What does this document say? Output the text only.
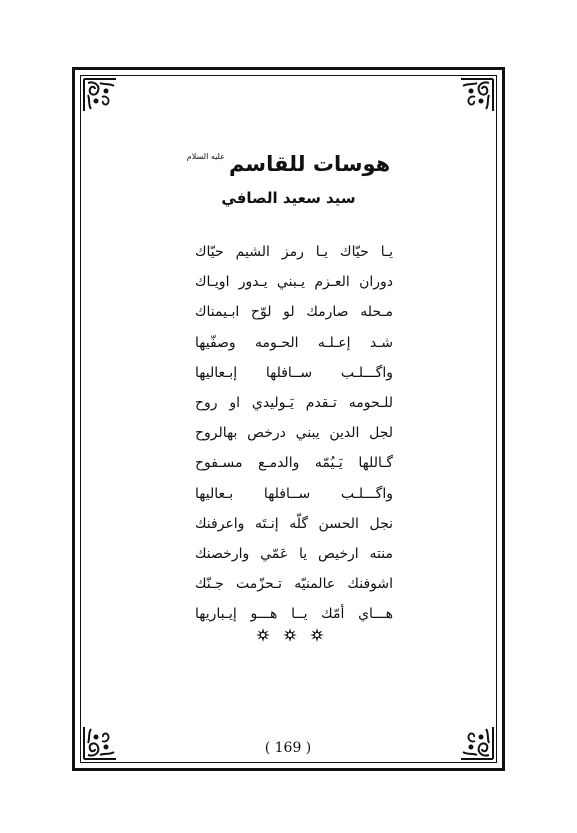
هوسات للقاسم
عليه السلام
سيد سعيد الصافي
يـا حيّاك يـا رمز الشيم حيّاك
دوران العـزم يـبني يـدور اويـاك
مـحله صارمك لو لوّح ابـيمناك
شـد إعـلـه الحـومه وصفّيها
واگـــلـب ســافلها إبـعاليها
للـحومه تـقدم يَـوليدي او روح
لجل الدين يبني درخص بهالروح
گـاللها يَـيُمّه والدمـع مسـفوح
واگـــلـب ســافلها بـعاليها
نجل الحسن گلّه إنـتَه واعرفنك
منته ارخيص يا عَمّي وارخصنك
اشوفنك عالمنيّه تـحزّمت جـنّك
هـــاي أمّك يــا هـــو إيـباريها
( 169 )
